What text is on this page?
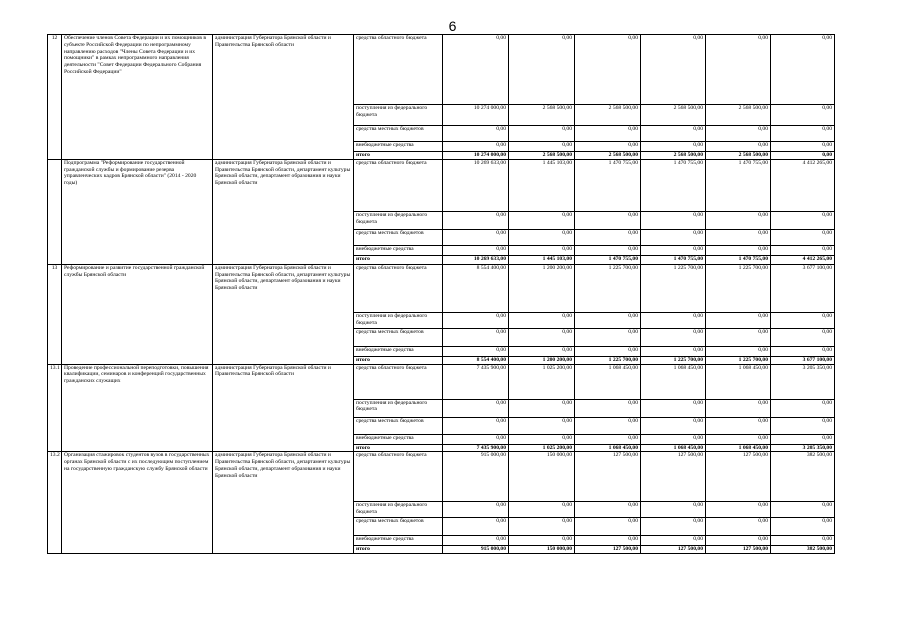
6
12	Обеспечение членов Совета Федерации и их помощников в субъекте Российской Федерации по непрограммному направлению расходов "Члены Совета Федерации и их помощники" в рамках непрограммного направления деятельности "Совет Федерации Федерального Собрания Российской Федерации"	администрация Губернатора Брянской области и Правительства Брянской области	средства областного бюджета	0,00	0,00	0,00	0,00	0,00	0,00
			поступления из федерального бюджета	10 274 000,00	2 568 500,00	2 568 500,00	2 568 500,00	2 568 500,00	0,00
			средства местных бюджетов	0,00	0,00	0,00	0,00	0,00	0,00
			внебюджетные средства	0,00	0,00	0,00	0,00	0,00	0,00
			итого	10 274 000,00	2 568 500,00	2 568 500,00	2 568 500,00	2 568 500,00	0,00
	Подпрограмма "Реформирование государственной гражданской службы и формирование резерва управленческих кадров Брянской области" (2014 - 2020 годы)	администрация Губернатора Брянской области и Правительства Брянской области, департамент культуры Брянской области, департамент образования и науки Брянской области	средства областного бюджета	10 269 633,00	1 445 103,00	1 470 755,00	1 470 755,00	1 470 755,00	4 412 265,00
			поступления из федерального бюджета	0,00	0,00	0,00	0,00	0,00	0,00
			средства местных бюджетов	0,00	0,00	0,00	0,00	0,00	0,00
			внебюджетные средства	0,00	0,00	0,00	0,00	0,00	0,00
			итого	10 269 633,00	1 445 103,00	1 470 755,00	1 470 755,00	1 470 755,00	4 412 265,00
13	Реформирование и развитие государственной гражданской службы Брянской области	администрация Губернатора Брянской области и Правительства Брянской области, департамент культуры Брянской области, департамент образования и науки Брянской области	средства областного бюджета	8 554 400,00	1 200 200,00	1 225 700,00	1 225 700,00	1 225 700,00	3 677 100,00
			поступления из федерального бюджета	0,00	0,00	0,00	0,00	0,00	0,00
			средства местных бюджетов	0,00	0,00	0,00	0,00	0,00	0,00
			внебюджетные средства	0,00	0,00	0,00	0,00	0,00	0,00
			итого	8 554 400,00	1 200 200,00	1 225 700,00	1 225 700,00	1 225 700,00	3 677 100,00
13.1	Проведение профессиональной переподготовки, повышения квалификации, семинаров и конференций государственных гражданских служащих	администрация Губернатора Брянской области и Правительства Брянской области	средства областного бюджета	7 435 900,00	1 025 200,00	1 068 450,00	1 068 450,00	1 068 450,00	3 205 350,00
			поступления из федерального бюджета	0,00	0,00	0,00	0,00	0,00	0,00
			средства местных бюджетов	0,00	0,00	0,00	0,00	0,00	0,00
			внебюджетные средства	0,00	0,00	0,00	0,00	0,00	0,00
			итого	7 435 900,00	1 025 200,00	1 068 450,00	1 068 450,00	1 068 450,00	3 205 350,00
13.2	Организация стажировок студентов вузов в государственных органах Брянской области с их последующим поступлением на государственную гражданскую службу Брянской области	администрация Губернатора Брянской области и Правительства Брянской области, департамент культуры Брянской области, департамент образования и науки Брянской области	средства областного бюджета	915 000,00	150 000,00	127 500,00	127 500,00	127 500,00	382 500,00
			поступления из федерального бюджета	0,00	0,00	0,00	0,00	0,00	0,00
			средства местных бюджетов	0,00	0,00	0,00	0,00	0,00	0,00
			внебюджетные средства	0,00	0,00	0,00	0,00	0,00	0,00
			итого	915 000,00	150 000,00	127 500,00	127 500,00	127 500,00	382 500,00
